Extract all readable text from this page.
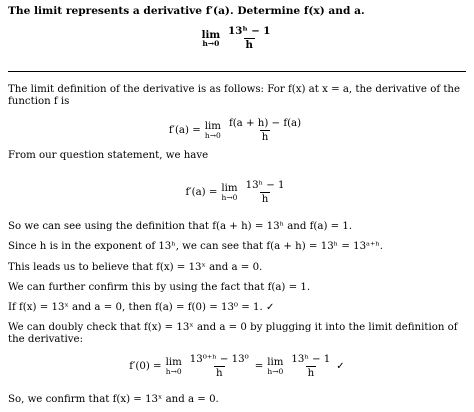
The limit represents a derivative f′(a). Determine f(x) and a.
lim
$h\to 0 \frac{\text{13ʰ − 1}}{h}$
The limit definition of the derivative is as follows: For f(x) at x = a, the derivative of the function f is
f′(a) = lim
$h\to 0 \frac{f(a + h) - f(a)}{h}$
From our question statement, we have
f′(a) = lim
$h\to 0 \frac{\text{13ʰ − 1}}{h}$
So we can see using the definition that f(a + h) = 13ʰ and f(a) = 1.
Since h is in the exponent of 13ʰ, we can see that f(a + h) = 13ʰ = 13ᵃ⁺ʰ.
This leads us to believe that f(x) = 13ˣ and a = 0.
We can further confirm this by using the fact that f(a) = 1.
If f(x) = 13ˣ and a = 0, then f(a) = f(0) = 13⁰ = 1. ✓
We can doubly check that f(x) = 13ˣ and a = 0 by plugging it into the limit definition of the derivative:
f′(0) = lim
$h\to 0 \frac{\text{13⁰⁺ʰ − 13⁰}}{h} = \lim$
$h\to 0 \frac{\text{13ʰ − 1}}{h}$ ✓
So, we confirm that f(x) = 13ˣ and a = 0.
